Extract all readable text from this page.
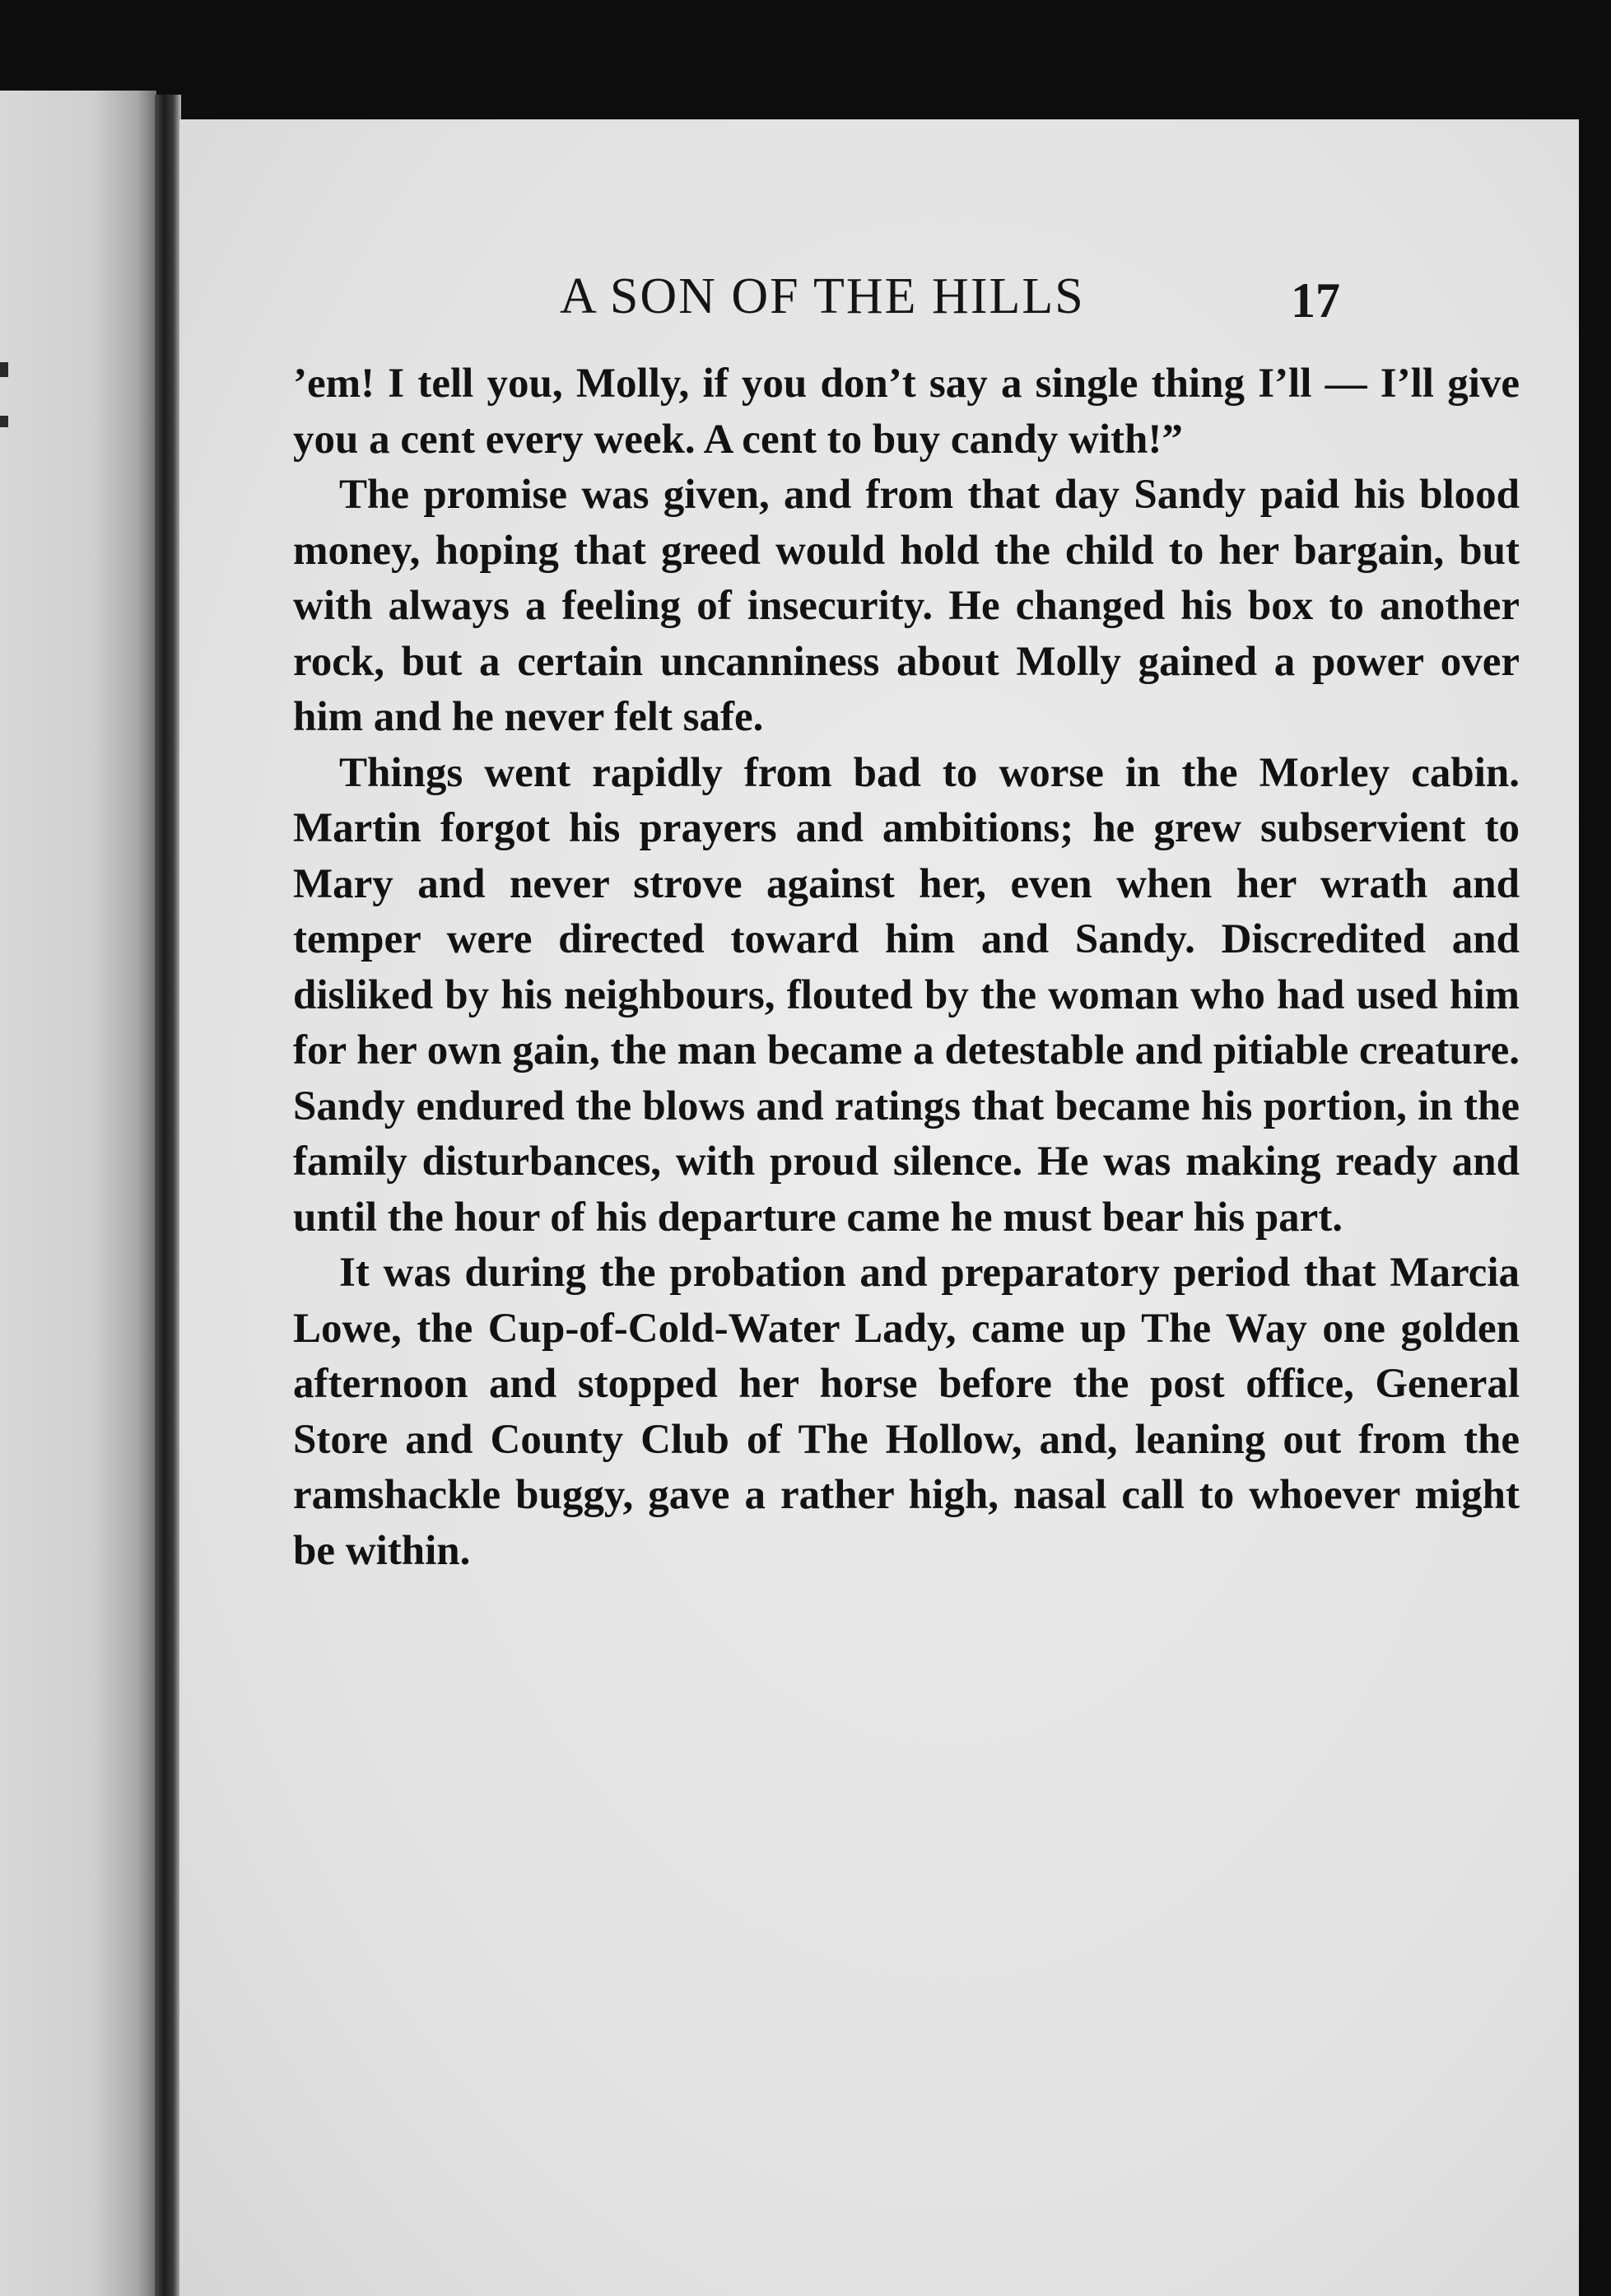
A SON OF THE HILLS	17

’em! I tell you, Molly, if you don’t say a single thing I’ll — I’ll give you a cent every week. A cent to buy candy with!”

The promise was given, and from that day Sandy paid his blood money, hoping that greed would hold the child to her bargain, but with always a feeling of insecurity. He changed his box to another rock, but a certain uncanniness about Molly gained a power over him and he never felt safe.

Things went rapidly from bad to worse in the Morley cabin. Martin forgot his prayers and ambitions; he grew subservient to Mary and never strove against her, even when her wrath and temper were directed toward him and Sandy. Discredited and disliked by his neighbours, flouted by the woman who had used him for her own gain, the man became a detestable and pitiable creature. Sandy endured the blows and ratings that became his portion, in the family disturbances, with proud silence. He was making ready and until the hour of his departure came he must bear his part.

It was during the probation and preparatory period that Marcia Lowe, the Cup-of-Cold-Water Lady, came up The Way one golden afternoon and stopped her horse before the post office, General Store and County Club of The Hollow, and, leaning out from the ramshackle buggy, gave a rather high, nasal call to whoever might be within.
